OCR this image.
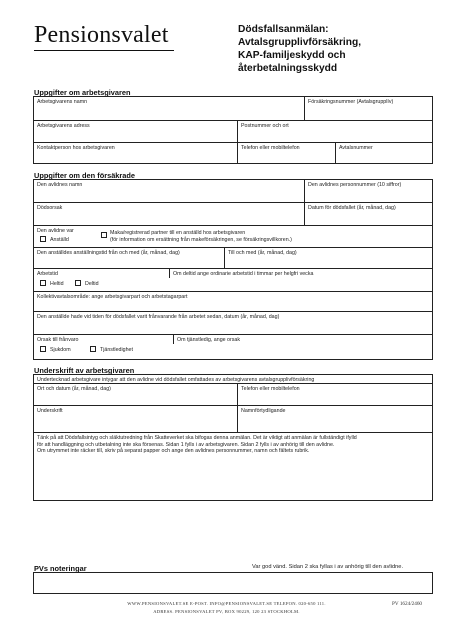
Pensionsvalet	Dödsfallsanmälan: Avtalsgrupplivförsäkring,
KAP-familjeskydd och återbetalningsskydd
Uppgifter om arbetsgivaren
Arbetsgivarens namn	Försäkringsnummer (Avtalsgrupplív)
Arbetsgivarens adress	Postnummer och ort
Kontaktperson hos arbetsgivaren	Telefon eller mobiltelefon	Avtalsnummer
Uppgifter om den försäkrade
Den avlidnes namn	Den avlidnes personnummer (10 siffror)
Dödsorsak	Datum för dödsfallet (år, månad, dag)
Den avlidne var
Anställd
Maka/registrerad partner till en anställd hos arbetsgivaren
(för information om ersättning från makeförsäkringen, se försäkringsvillkoren.)
Den anställdes anställningstid från och med (år, månad, dag)	Till och med (år, månad, dag)
Arbetstid	Om deltid ange ordinarie arbetstid i timmar per helgfri vecka
Heltid	Deltid
Kollektivavtalsområde: ange arbetsgivarpart och arbetstagarpart
Den anställde hade vid tiden för dödsfallet varit frånvarande från arbetet sedan, datum (år, månad, dag)
Orsak till frånvaro	Om tjänstledig, ange orsak
Sjukdom	Tjänstledighet
Underskrift av arbetsgivaren
Undertecknad arbetsgivare intygar att den avlidne vid dödsfallet omfattades av arbetsgivarens avtalsgrupplivförsäkring
Ort och datum (år, månad, dag)	Telefon eller mobiltelefon
Underskrift	Namnförtydligande
Tänk på att Dödsfallsintyg och släktutredning från Skatteverket ska bifogas denna anmälan. Det är viktigt att anmälan är fullständigt ifylld
för att handläggning och utbetalning inte ska försenas. Sidan 1 fylls i av arbetsgivaren. Sidan 2 fylls i av anhörig till den avlidne.
Om utrymmet inte räcker till, skriv på separat papper och ange den avlidnes personnummer, namn och fältets rubrik.
Var god vänd. Sidan 2 ska fyllas i av anhörig till den avlidne.
PVs noteringar
WWW.PENSIONSVALET.SE E-POST. INFO@PENSIONSVALET.SE TELEFON. 020-650 111.
ADRESS. PENSIONSVALET PV, BOX 90229, 120 23 STOCKHOLM.
PV 1624/2460
